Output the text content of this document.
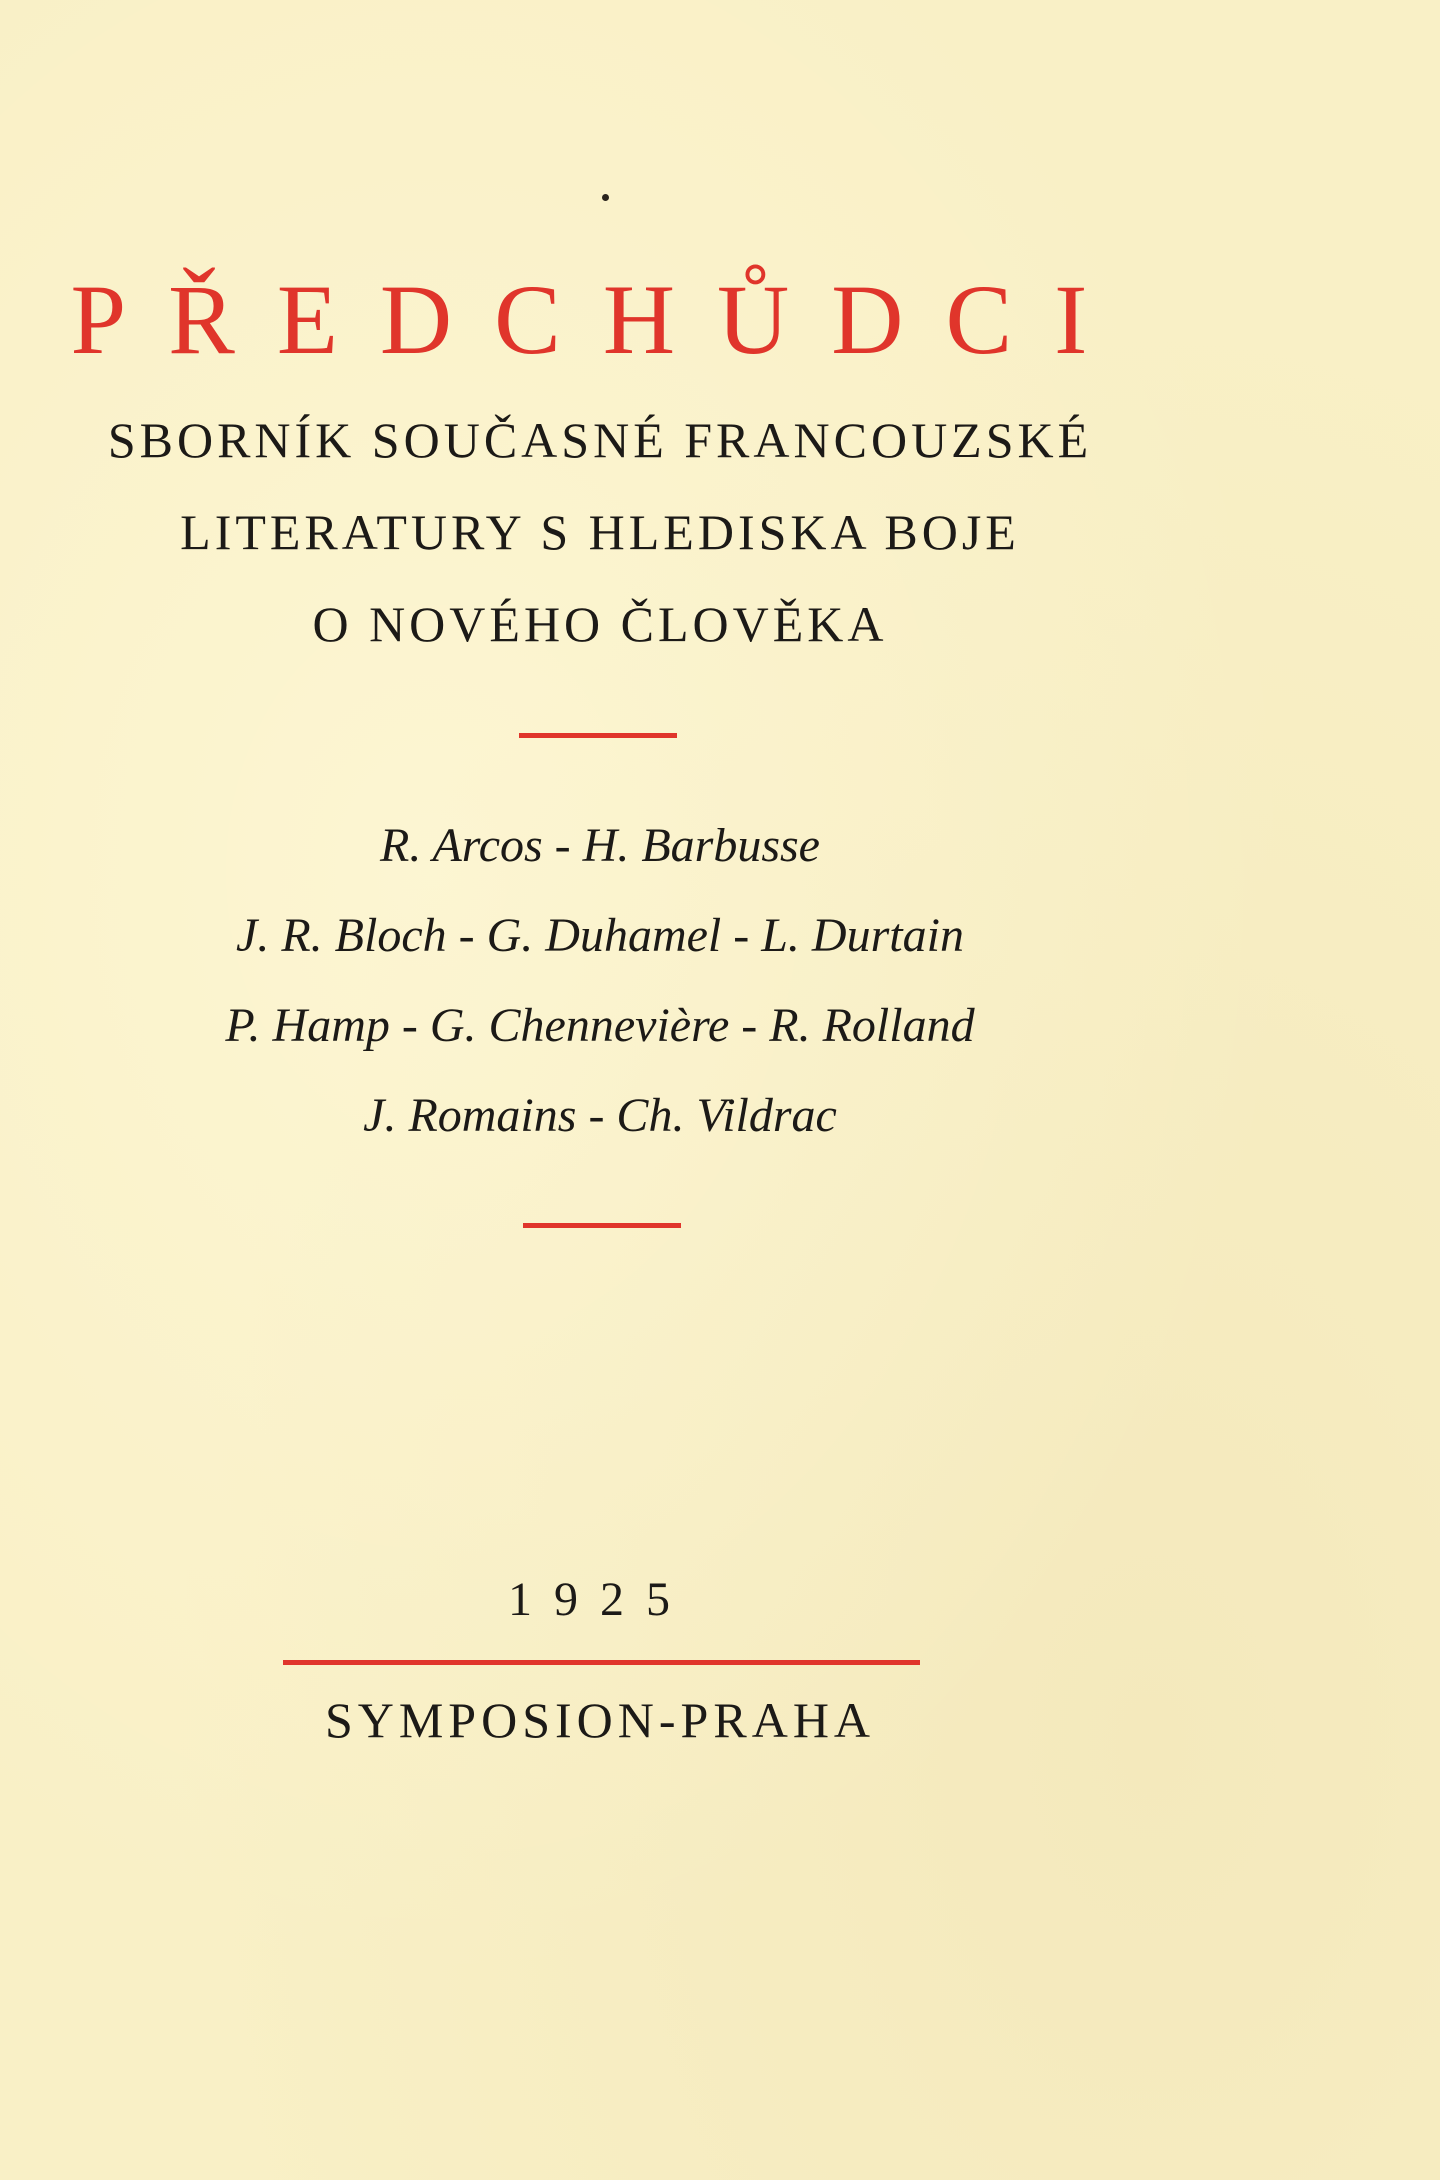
PŘEDCHŮDCI
SBORNÍK SOUČASNÉ FRANCOUZSKÉ
LITERATURY S HLEDISKA BOJE
O NOVÉHO ČLOVĚKA
R. Arcos - H. Barbusse
J. R. Bloch - G. Duhamel - L. Durtain
P. Hamp - G. Chennevière - R. Rolland
J. Romains - Ch. Vildrac
1925
SYMPOSION-PRAHA
